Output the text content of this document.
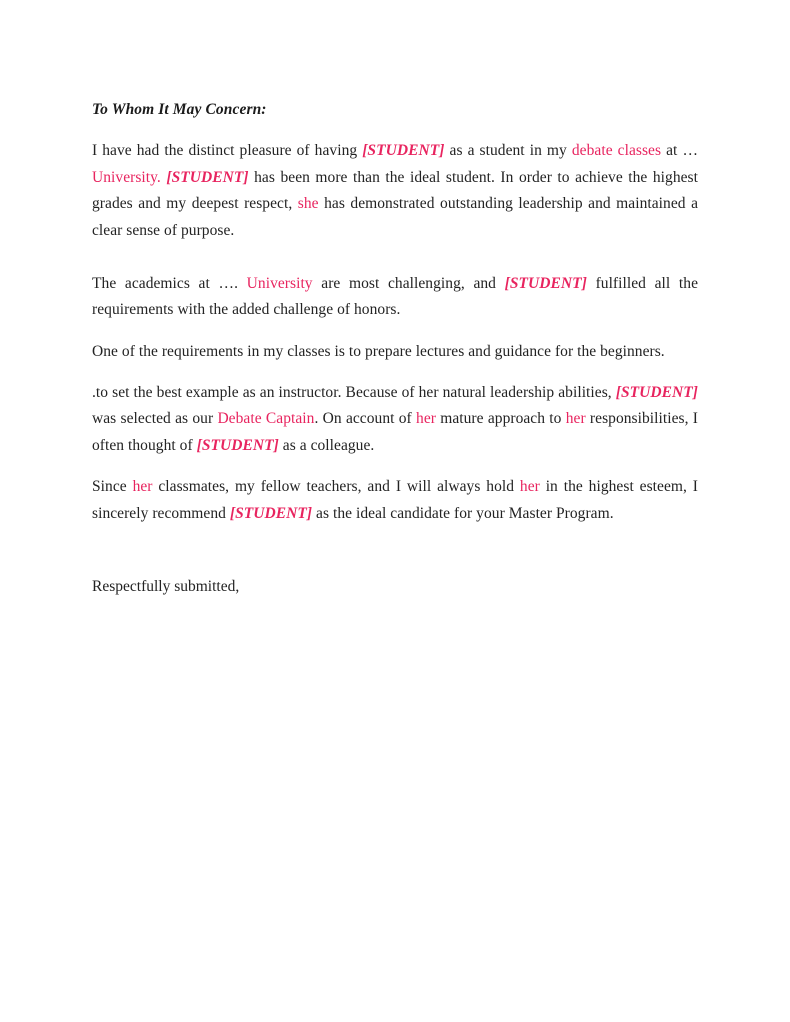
To Whom It May Concern:

I have had the distinct pleasure of having [STUDENT] as a student in my debate classes at … University. [STUDENT] has been more than the ideal student. In order to achieve the highest grades and my deepest respect, she has demonstrated outstanding leadership and maintained a clear sense of purpose.

The academics at …. University are most challenging, and [STUDENT] fulfilled all the requirements with the added challenge of honors.

One of the requirements in my classes is to prepare lectures and guidance for the beginners.

.to set the best example as an instructor. Because of her natural leadership abilities, [STUDENT] was selected as our Debate Captain. On account of her mature approach to her responsibilities, I often thought of [STUDENT] as a colleague.

Since her classmates, my fellow teachers, and I will always hold her in the highest esteem, I sincerely recommend [STUDENT] as the ideal candidate for your Master Program.

Respectfully submitted,
